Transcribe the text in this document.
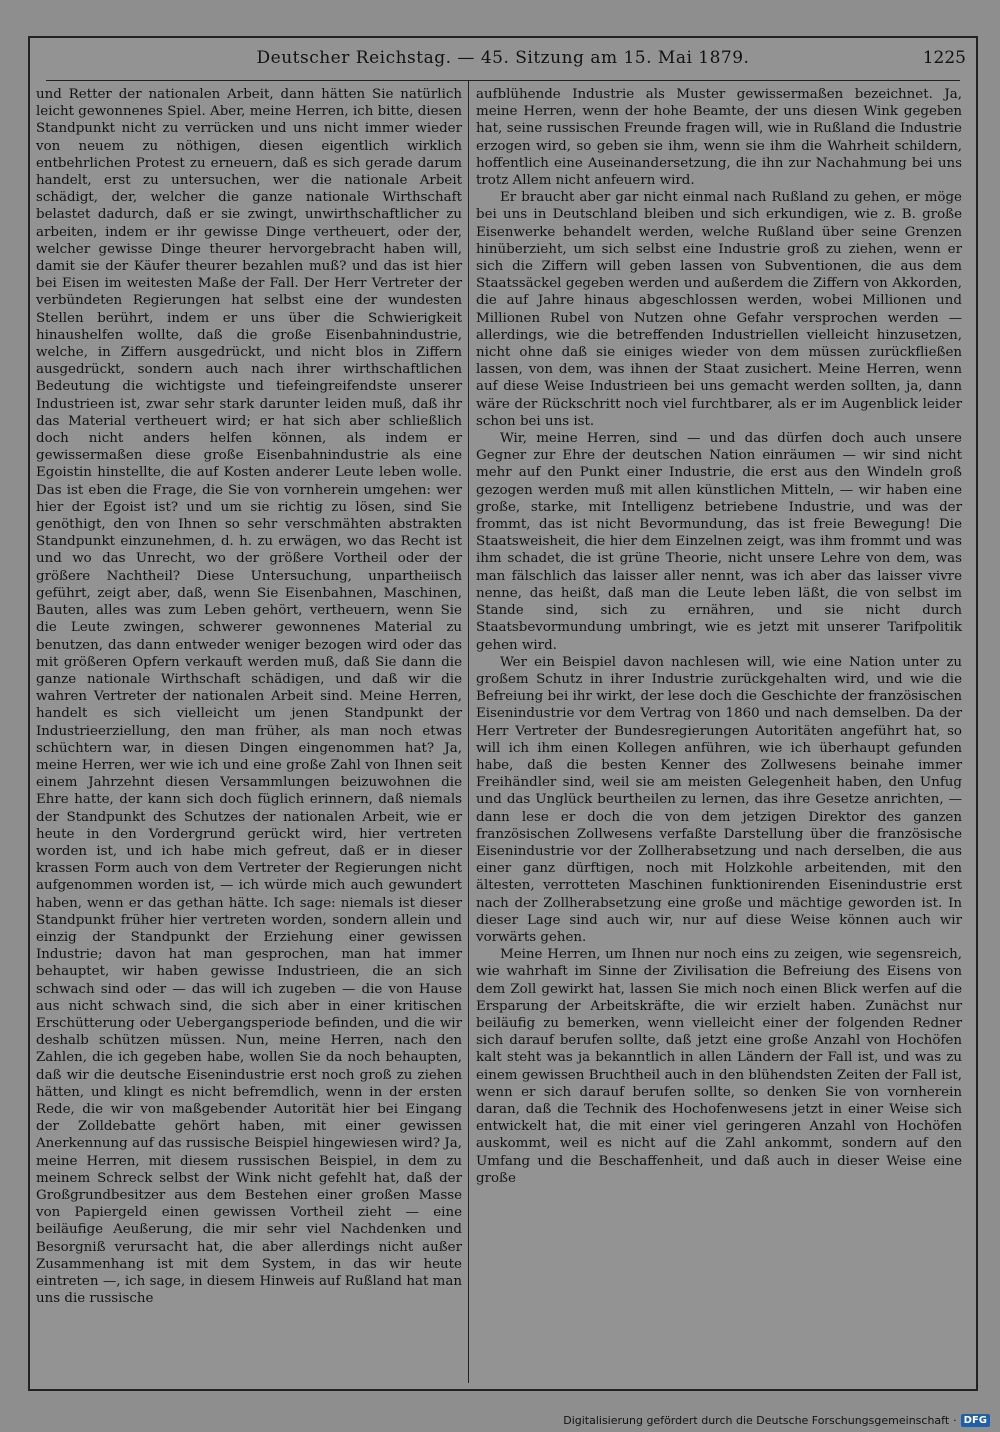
Deutscher Reichstag. — 45. Sitzung am 15. Mai 1879.	1225

und Retter der nationalen Arbeit, dann hätten Sie natürlich leicht gewonnenes Spiel. Aber, meine Herren, ich bitte, diesen Standpunkt nicht zu verrücken und uns nicht immer wieder von neuem zu nöthigen, diesen eigentlich wirklich entbehrlichen Protest zu erneuern, daß es sich gerade darum handelt, erst zu untersuchen, wer die nationale Arbeit schädigt, der, welcher die ganze nationale Wirthschaft belastet dadurch, daß er sie zwingt, unwirthschaftlicher zu arbeiten, indem er ihr gewisse Dinge vertheuert, oder der, welcher gewisse Dinge theurer hervorgebracht haben will, damit sie der Käufer theurer bezahlen muß? und das ist hier bei Eisen im weitesten Maße der Fall. Der Herr Vertreter der verbündeten Regierungen hat selbst eine der wundesten Stellen berührt, indem er uns über die Schwierigkeit hinaushelfen wollte, daß die große Eisenbahnindustrie, welche, in Ziffern ausgedrückt, und nicht blos in Ziffern ausgedrückt, sondern auch nach ihrer wirthschaftlichen Bedeutung die wichtigste und tiefeingreifendste unserer Industrieen ist, zwar sehr stark darunter leiden muß, daß ihr das Material vertheuert wird; er hat sich aber schließlich doch nicht anders helfen können, als indem er gewissermaßen diese große Eisenbahnindustrie als eine Egoistin hinstellte, die auf Kosten anderer Leute leben wolle. Das ist eben die Frage, die Sie von vornherein umgehen: wer hier der Egoist ist? und um sie richtig zu lösen, sind Sie genöthigt, den von Ihnen so sehr verschmähten abstrakten Standpunkt einzunehmen, d. h. zu erwägen, wo das Recht ist und wo das Unrecht, wo der größere Vortheil oder der größere Nachtheil? Diese Untersuchung, unpartheiisch geführt, zeigt aber, daß, wenn Sie Eisenbahnen, Maschinen, Bauten, alles was zum Leben gehört, vertheuern, wenn Sie die Leute zwingen, schwerer gewonnenes Material zu benutzen, das dann entweder weniger bezogen wird oder das mit größeren Opfern verkauft werden muß, daß Sie dann die ganze nationale Wirthschaft schädigen, und daß wir die wahren Vertreter der nationalen Arbeit sind. Meine Herren, handelt es sich vielleicht um jenen Standpunkt der Industrieerziellung, den man früher, als man noch etwas schüchtern war, in diesen Dingen eingenommen hat? Ja, meine Herren, wer wie ich und eine große Zahl von Ihnen seit einem Jahrzehnt diesen Versammlungen beizuwohnen die Ehre hatte, der kann sich doch füglich erinnern, daß niemals der Standpunkt des Schutzes der nationalen Arbeit, wie er heute in den Vordergrund gerückt wird, hier vertreten worden ist, und ich habe mich gefreut, daß er in dieser krassen Form auch von dem Vertreter der Regierungen nicht aufgenommen worden ist, — ich würde mich auch gewundert haben, wenn er das gethan hätte. Ich sage: niemals ist dieser Standpunkt früher hier vertreten worden, sondern allein und einzig der Standpunkt der Erziehung einer gewissen Industrie; davon hat man gesprochen, man hat immer behauptet, wir haben gewisse Industrieen, die an sich schwach sind oder — das will ich zugeben — die von Hause aus nicht schwach sind, die sich aber in einer kritischen Erschütterung oder Uebergangsperiode befinden, und die wir deshalb schützen müssen. Nun, meine Herren, nach den Zahlen, die ich gegeben habe, wollen Sie da noch behaupten, daß wir die deutsche Eisenindustrie erst noch groß zu ziehen hätten, und klingt es nicht befremdlich, wenn in der ersten Rede, die wir von maßgebender Autorität hier bei Eingang der Zolldebatte gehört haben, mit einer gewissen Anerkennung auf das russische Beispiel hingewiesen wird? Ja, meine Herren, mit diesem russischen Beispiel, in dem zu meinem Schreck selbst der Wink nicht gefehlt hat, daß der Großgrundbesitzer aus dem Bestehen einer großen Masse von Papiergeld einen gewissen Vortheil zieht — eine beiläufige Aeußerung, die mir sehr viel Nachdenken und Besorgniß verursacht hat, die aber allerdings nicht außer Zusammenhang ist mit dem System, in das wir heute eintreten —, ich sage, in diesem Hinweis auf Rußland hat man uns die russische

aufblühende Industrie als Muster gewissermaßen bezeichnet. Ja, meine Herren, wenn der hohe Beamte, der uns diesen Wink gegeben hat, seine russischen Freunde fragen will, wie in Rußland die Industrie erzogen wird, so geben sie ihm, wenn sie ihm die Wahrheit schildern, hoffentlich eine Auseinandersetzung, die ihn zur Nachahmung bei uns trotz Allem nicht anfeuern wird.

Er braucht aber gar nicht einmal nach Rußland zu gehen, er möge bei uns in Deutschland bleiben und sich erkundigen, wie z. B. große Eisenwerke behandelt werden, welche Rußland über seine Grenzen hinüberzieht, um sich selbst eine Industrie groß zu ziehen, wenn er sich die Ziffern will geben lassen von Subventionen, die aus dem Staatssäckel gegeben werden und außerdem die Ziffern von Akkorden, die auf Jahre hinaus abgeschlossen werden, wobei Millionen und Millionen Rubel von Nutzen ohne Gefahr versprochen werden — allerdings, wie die betreffenden Industriellen vielleicht hinzusetzen, nicht ohne daß sie einiges wieder von dem müssen zurückfließen lassen, von dem, was ihnen der Staat zusichert. Meine Herren, wenn auf diese Weise Industrieen bei uns gemacht werden sollten, ja, dann wäre der Rückschritt noch viel furchtbarer, als er im Augenblick leider schon bei uns ist.

Wir, meine Herren, sind — und das dürfen doch auch unsere Gegner zur Ehre der deutschen Nation einräumen — wir sind nicht mehr auf den Punkt einer Industrie, die erst aus den Windeln groß gezogen werden muß mit allen künstlichen Mitteln, — wir haben eine große, starke, mit Intelligenz betriebene Industrie, und was der frommt, das ist nicht Bevormundung, das ist freie Bewegung! Die Staatsweisheit, die hier dem Einzelnen zeigt, was ihm frommt und was ihm schadet, die ist grüne Theorie, nicht unsere Lehre von dem, was man fälschlich das laisser aller nennt, was ich aber das laisser vivre nenne, das heißt, daß man die Leute leben läßt, die von selbst im Stande sind, sich zu ernähren, und sie nicht durch Staatsbevormundung umbringt, wie es jetzt mit unserer Tarifpolitik gehen wird.

Wer ein Beispiel davon nachlesen will, wie eine Nation unter zu großem Schutz in ihrer Industrie zurückgehalten wird, und wie die Befreiung bei ihr wirkt, der lese doch die Geschichte der französischen Eisenindustrie vor dem Vertrag von 1860 und nach demselben. Da der Herr Vertreter der Bundesregierungen Autoritäten angeführt hat, so will ich ihm einen Kollegen anführen, wie ich überhaupt gefunden habe, daß die besten Kenner des Zollwesens beinahe immer Freihändler sind, weil sie am meisten Gelegenheit haben, den Unfug und das Unglück beurtheilen zu lernen, das ihre Gesetze anrichten, — dann lese er doch die von dem jetzigen Direktor des ganzen französischen Zollwesens verfaßte Darstellung über die französische Eisenindustrie vor der Zollherabsetzung und nach derselben, die aus einer ganz dürftigen, noch mit Holzkohle arbeitenden, mit den ältesten, verrotteten Maschinen funktionirenden Eisenindustrie erst nach der Zollherabsetzung eine große und mächtige geworden ist. In dieser Lage sind auch wir, nur auf diese Weise können auch wir vorwärts gehen.

Meine Herren, um Ihnen nur noch eins zu zeigen, wie segensreich, wie wahrhaft im Sinne der Zivilisation die Befreiung des Eisens von dem Zoll gewirkt hat, lassen Sie mich noch einen Blick werfen auf die Ersparung der Arbeitskräfte, die wir erzielt haben. Zunächst nur beiläufig zu bemerken, wenn vielleicht einer der folgenden Redner sich darauf berufen sollte, daß jetzt eine große Anzahl von Hochöfen kalt steht was ja bekanntlich in allen Ländern der Fall ist, und was zu einem gewissen Bruchtheil auch in den blühendsten Zeiten der Fall ist, wenn er sich darauf berufen sollte, so denken Sie von vornherein daran, daß die Technik des Hochofenwesens jetzt in einer Weise sich entwickelt hat, die mit einer viel geringeren Anzahl von Hochöfen auskommt, weil es nicht auf die Zahl ankommt, sondern auf den Umfang und die Beschaffenheit, und daß auch in dieser Weise eine große

Digitalisierung gefördert durch die Deutsche Forschungsgemeinschaft · DFG
